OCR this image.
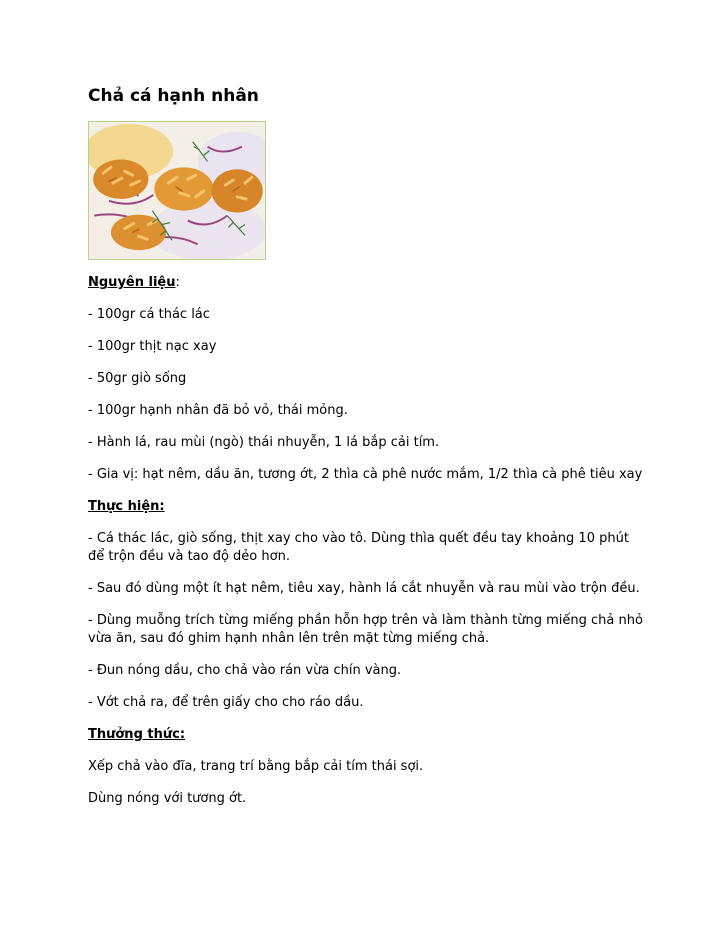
Chả cá hạnh nhân

Nguyên liệu:

- 100gr cá thác lác

- 100gr thịt nạc xay

- 50gr giò sống

- 100gr hạnh nhân đã bỏ vỏ, thái mỏng.

- Hành lá, rau mùi (ngò) thái nhuyễn, 1 lá bắp cải tím.

- Gia vị: hạt nêm, dầu ăn, tương ớt, 2 thìa cà phê nước mắm, 1/2 thìa cà phê tiêu xay

Thực hiện:

- Cá thác lác, giò sống, thịt xay cho vào tô. Dùng thìa quết đều tay khoảng 10 phút để trộn đều và tao độ dẻo hơn.

- Sau đó dùng một ít hạt nêm, tiêu xay, hành lá cắt nhuyễn và rau mùi vào trộn đều.

- Dùng muỗng trích từng miếng phần hỗn hợp trên và làm thành từng miếng chả nhỏ vừa ăn, sau đó ghim hạnh nhân lên trên mặt từng miếng chả.

- Đun nóng dầu, cho chả vào rán vừa chín vàng.

- Vớt chả ra, để trên giấy cho cho ráo dầu.

Thưởng thức:

Xếp chả vào đĩa, trang trí bằng bắp cải tím thái sợi.

Dùng nóng với tương ớt.
